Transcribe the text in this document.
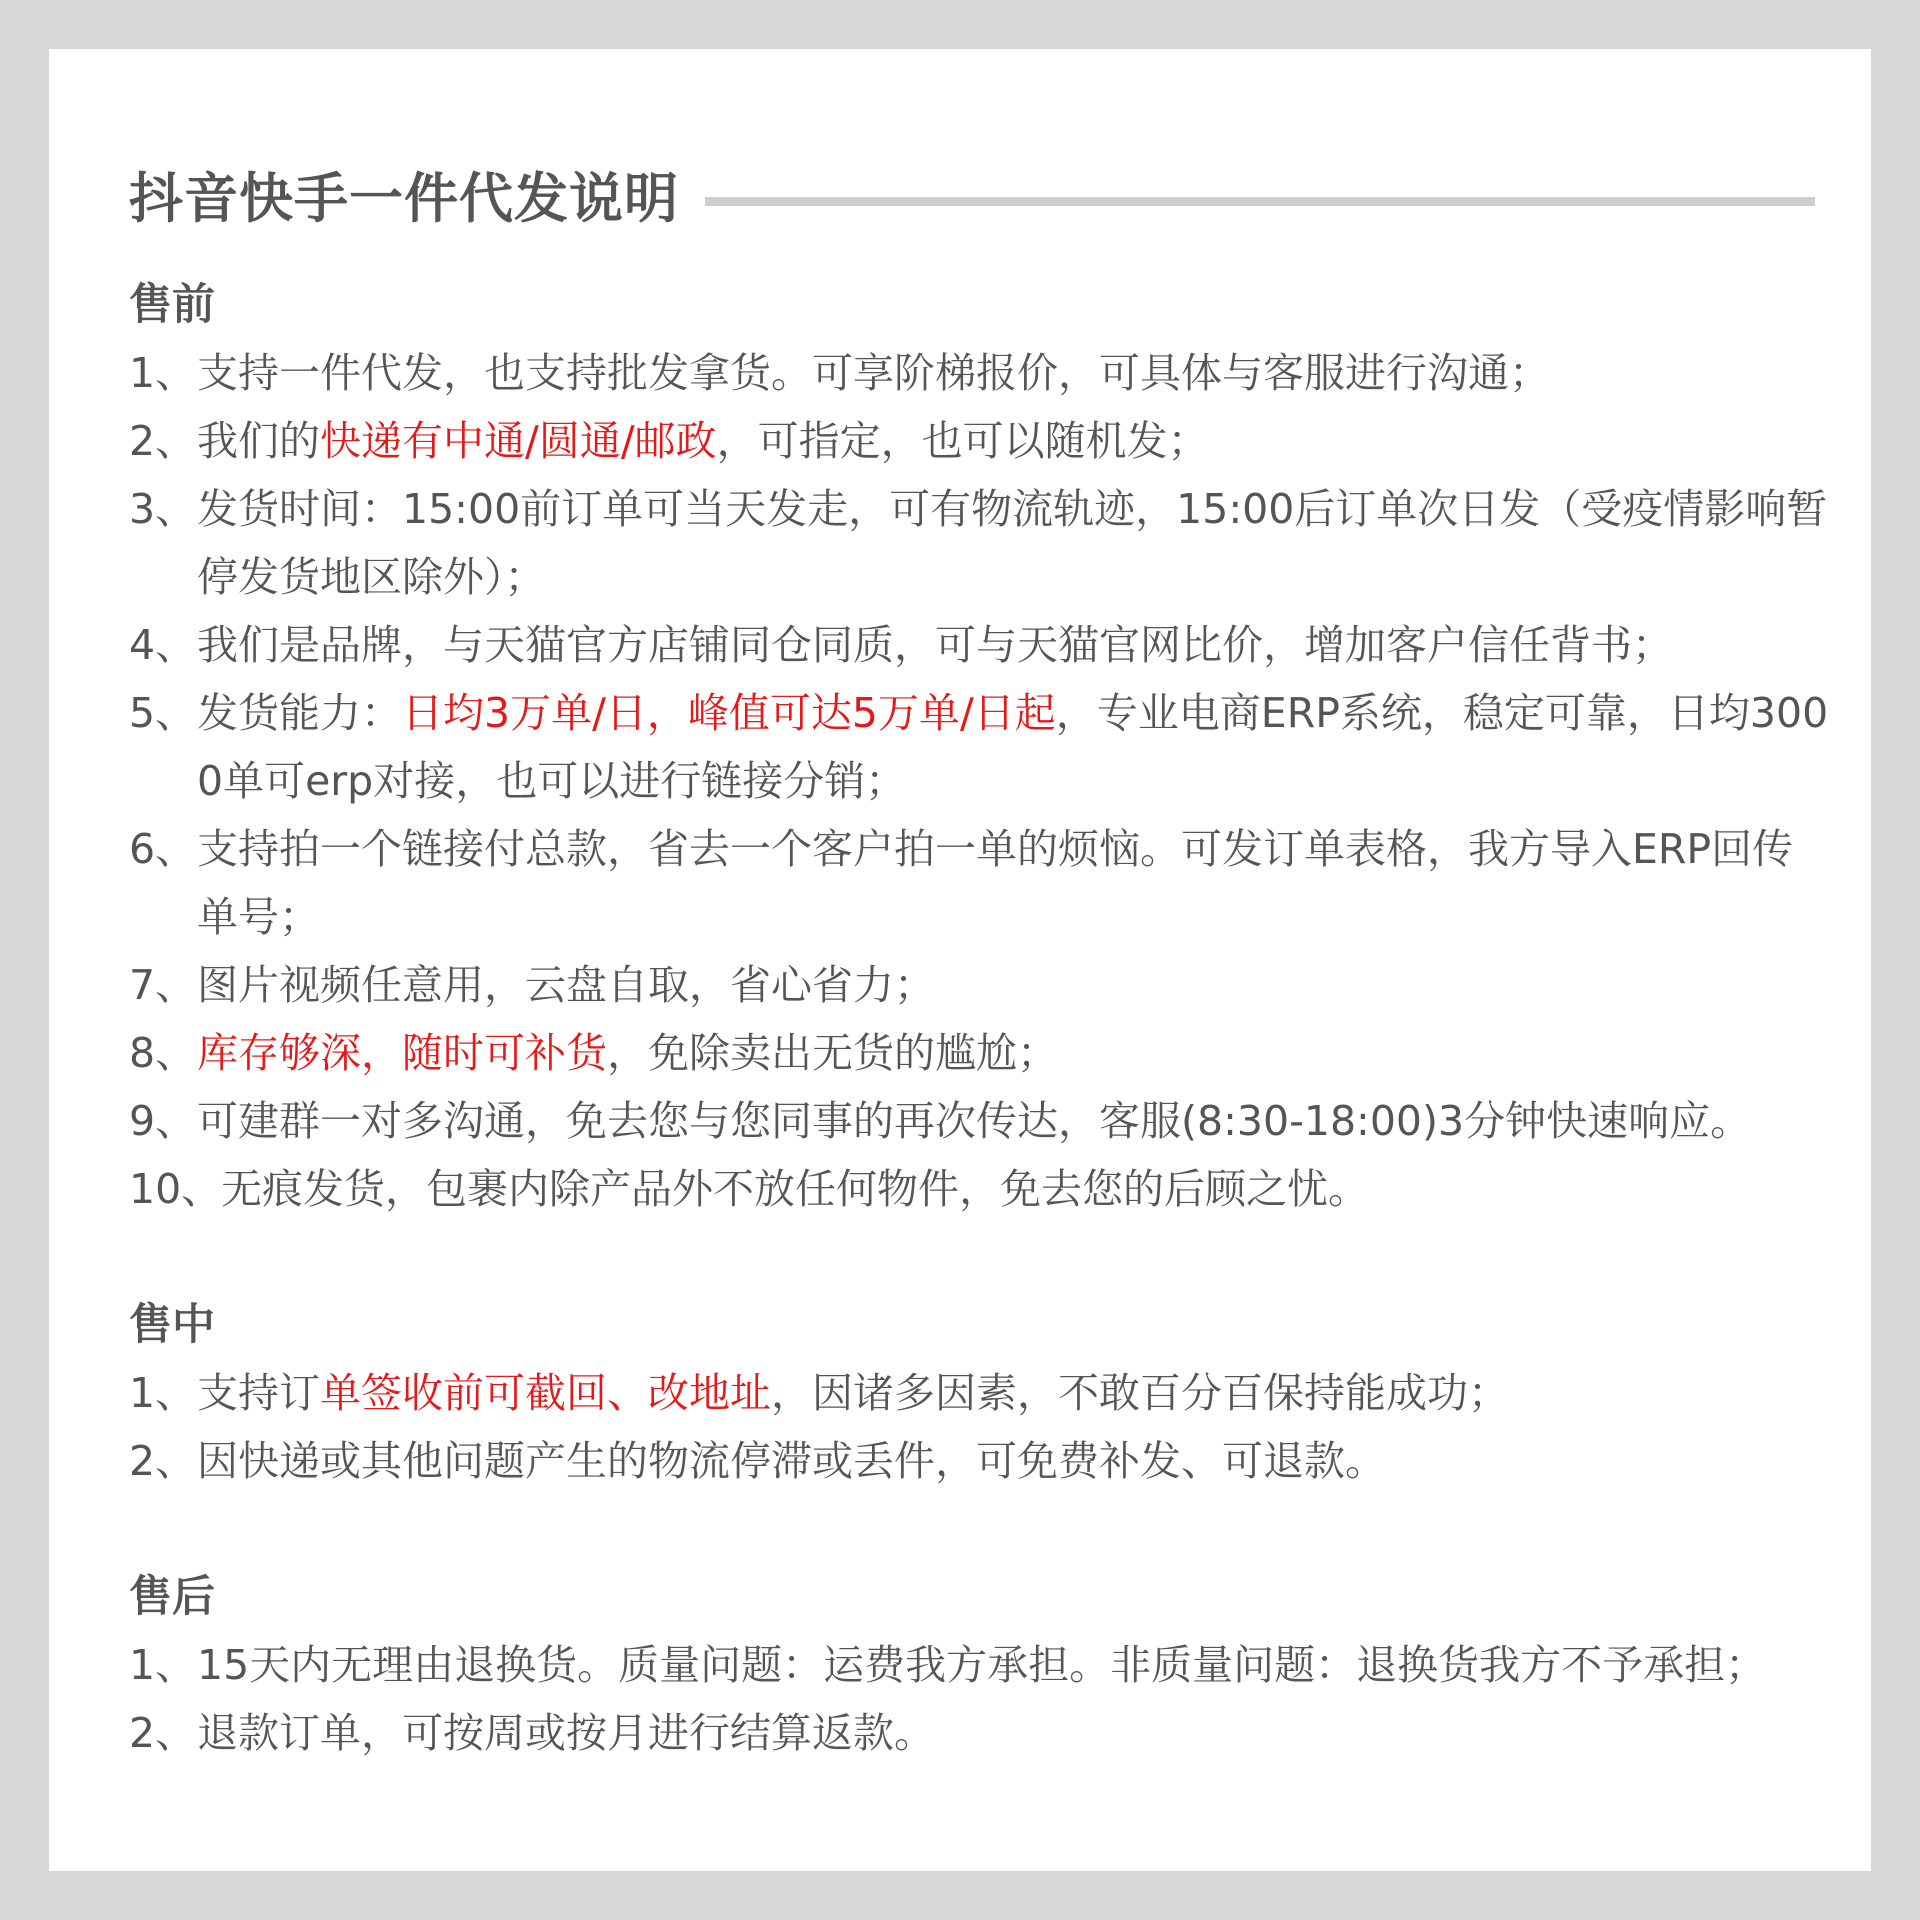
抖音快手一件代发说明
售前
1、支持一件代发，也支持批发拿货。可享阶梯报价，可具体与客服进行沟通；
2、我们的快递有中通/圆通/邮政，可指定，也可以随机发；
3、发货时间：15:00前订单可当天发走，可有物流轨迹，15:00后订单次日发（受疫情影响暂停发货地区除外）；
4、我们是品牌，与天猫官方店铺同仓同质，可与天猫官网比价，增加客户信任背书；
5、发货能力：日均3万单/日，峰值可达5万单/日起，专业电商ERP系统，稳定可靠，日均3000单可erp对接，也可以进行链接分销；
6、支持拍一个链接付总款，省去一个客户拍一单的烦恼。可发订单表格，我方导入ERP回传单号；
7、图片视频任意用，云盘自取，省心省力；
8、库存够深，随时可补货，免除卖出无货的尴尬；
9、可建群一对多沟通，免去您与您同事的再次传达，客服(8:30-18:00)3分钟快速响应。
10、无痕发货，包裹内除产品外不放任何物件，免去您的后顾之忧。
售中
1、支持订单签收前可截回、改地址，因诸多因素，不敢百分百保持能成功；
2、因快递或其他问题产生的物流停滞或丢件，可免费补发、可退款。
售后
1、15天内无理由退换货。质量问题：运费我方承担。非质量问题：退换货我方不予承担；
2、退款订单，可按周或按月进行结算返款。
